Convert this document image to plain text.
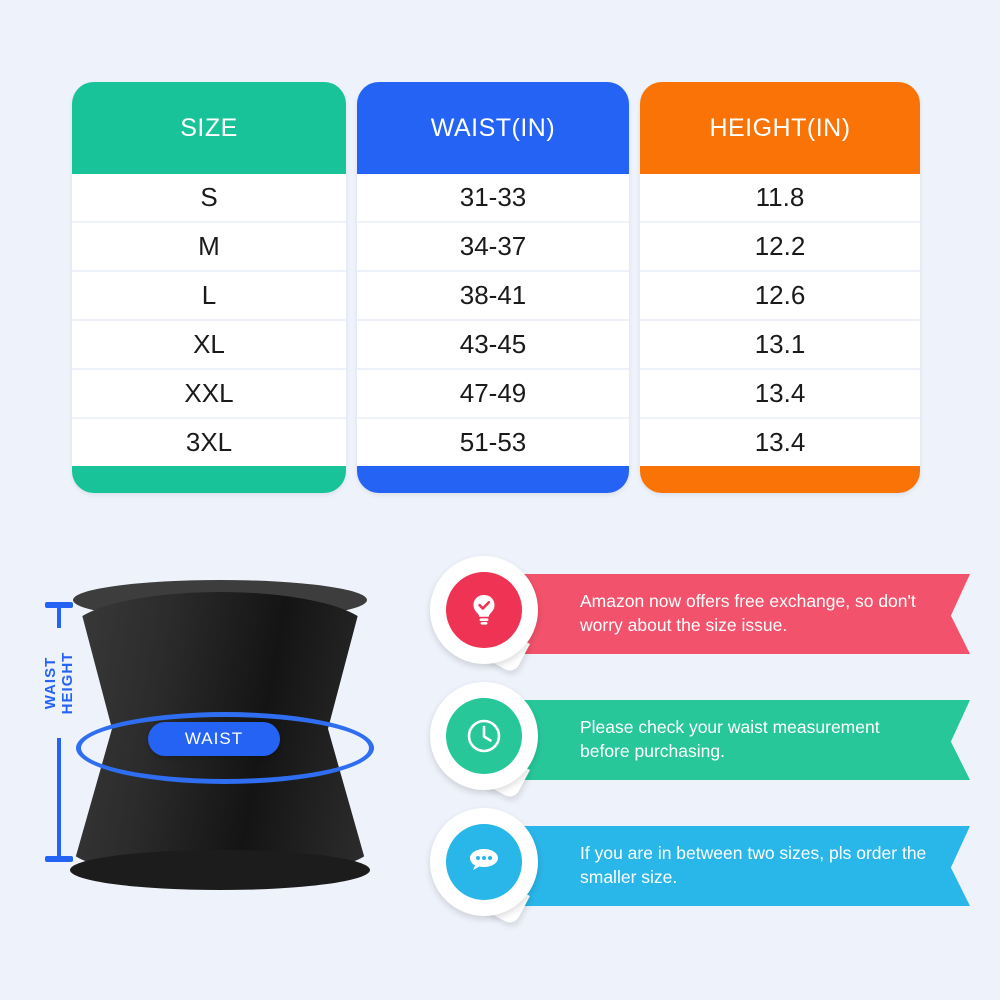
SIZE
S
M
L
XL
XXL
3XL
WAIST(IN)
31-33
34-37
38-41
43-45
47-49
51-53
HEIGHT(IN)
11.8
12.2
12.6
13.1
13.4
13.4
WAIST HEIGHT
WAIST
Amazon now offers free exchange, so don't worry about the size issue.
Please check your waist measurement before purchasing.
If you are in between two sizes, pls order the smaller size.
